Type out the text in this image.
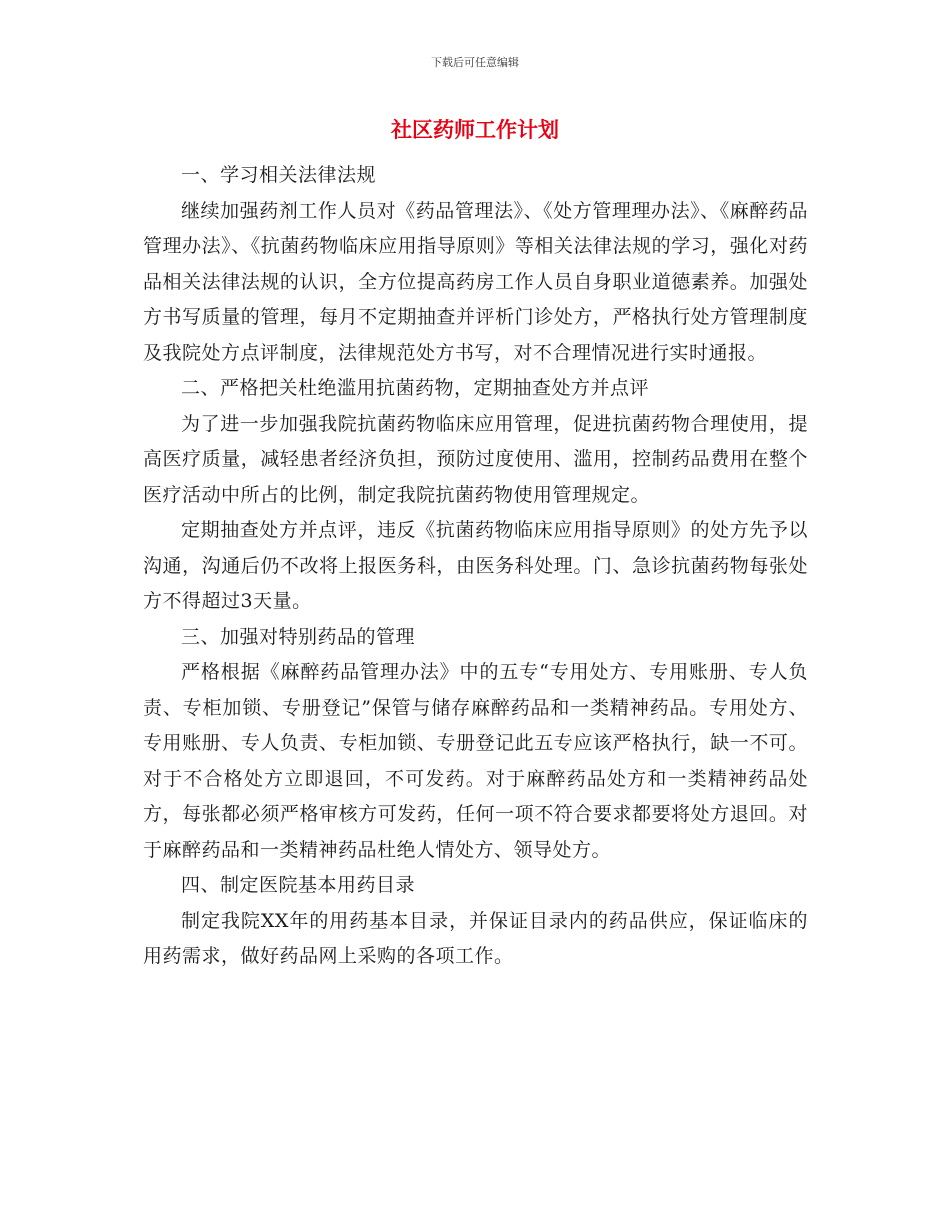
下载后可任意编辑
社区药师工作计划

一、学习相关法律法规

继续加强药剂工作人员对《药品管理法》、《处方管理理办法》、《麻醉药品管理办法》、《抗菌药物临床应用指导原则》等相关法律法规的学习，强化对药品相关法律法规的认识，全方位提高药房工作人员自身职业道德素养。加强处方书写质量的管理，每月不定期抽查并评析门诊处方，严格执行处方管理制度及我院处方点评制度，法律规范处方书写，对不合理情况进行实时通报。

二、严格把关杜绝滥用抗菌药物，定期抽查处方并点评

为了进一步加强我院抗菌药物临床应用管理，促进抗菌药物合理使用，提高医疗质量，减轻患者经济负担，预防过度使用、滥用，控制药品费用在整个医疗活动中所占的比例，制定我院抗菌药物使用管理规定。

定期抽查处方并点评，违反《抗菌药物临床应用指导原则》的处方先予以沟通，沟通后仍不改将上报医务科，由医务科处理。门、急诊抗菌药物每张处方不得超过3天量。

三、加强对特别药品的管理

严格根据《麻醉药品管理办法》中的五专“专用处方、专用账册、专人负责、专柜加锁、专册登记”保管与储存麻醉药品和一类精神药品。专用处方、专用账册、专人负责、专柜加锁、专册登记此五专应该严格执行，缺一不可。对于不合格处方立即退回，不可发药。对于麻醉药品处方和一类精神药品处方，每张都必须严格审核方可发药，任何一项不符合要求都要将处方退回。对于麻醉药品和一类精神药品杜绝人情处方、领导处方。

四、制定医院基本用药目录

制定我院XX年的用药基本目录，并保证目录内的药品供应，保证临床的用药需求，做好药品网上采购的各项工作。
